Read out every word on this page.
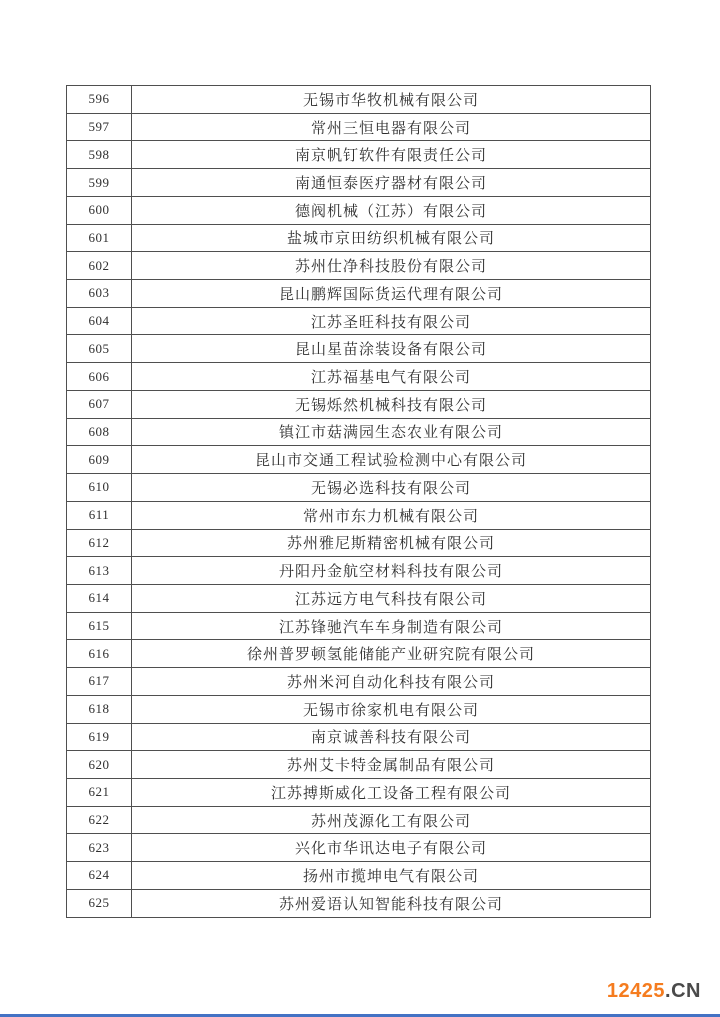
596	无锡市华牧机械有限公司
597	常州三恒电器有限公司
598	南京帆钉软件有限责任公司
599	南通恒泰医疗器材有限公司
600	德阀机械（江苏）有限公司
601	盐城市京田纺织机械有限公司
602	苏州仕净科技股份有限公司
603	昆山鹏辉国际货运代理有限公司
604	江苏圣旺科技有限公司
605	昆山星苗涂装设备有限公司
606	江苏福基电气有限公司
607	无锡烁然机械科技有限公司
608	镇江市菇满园生态农业有限公司
609	昆山市交通工程试验检测中心有限公司
610	无锡必选科技有限公司
611	常州市东力机械有限公司
612	苏州雅尼斯精密机械有限公司
613	丹阳丹金航空材料科技有限公司
614	江苏远方电气科技有限公司
615	江苏锋驰汽车车身制造有限公司
616	徐州普罗顿氢能储能产业研究院有限公司
617	苏州米河自动化科技有限公司
618	无锡市徐家机电有限公司
619	南京诚善科技有限公司
620	苏州艾卡特金属制品有限公司
621	江苏搏斯威化工设备工程有限公司
622	苏州茂源化工有限公司
623	兴化市华讯达电子有限公司
624	扬州市揽坤电气有限公司
625	苏州爱语认知智能科技有限公司
12425.CN
